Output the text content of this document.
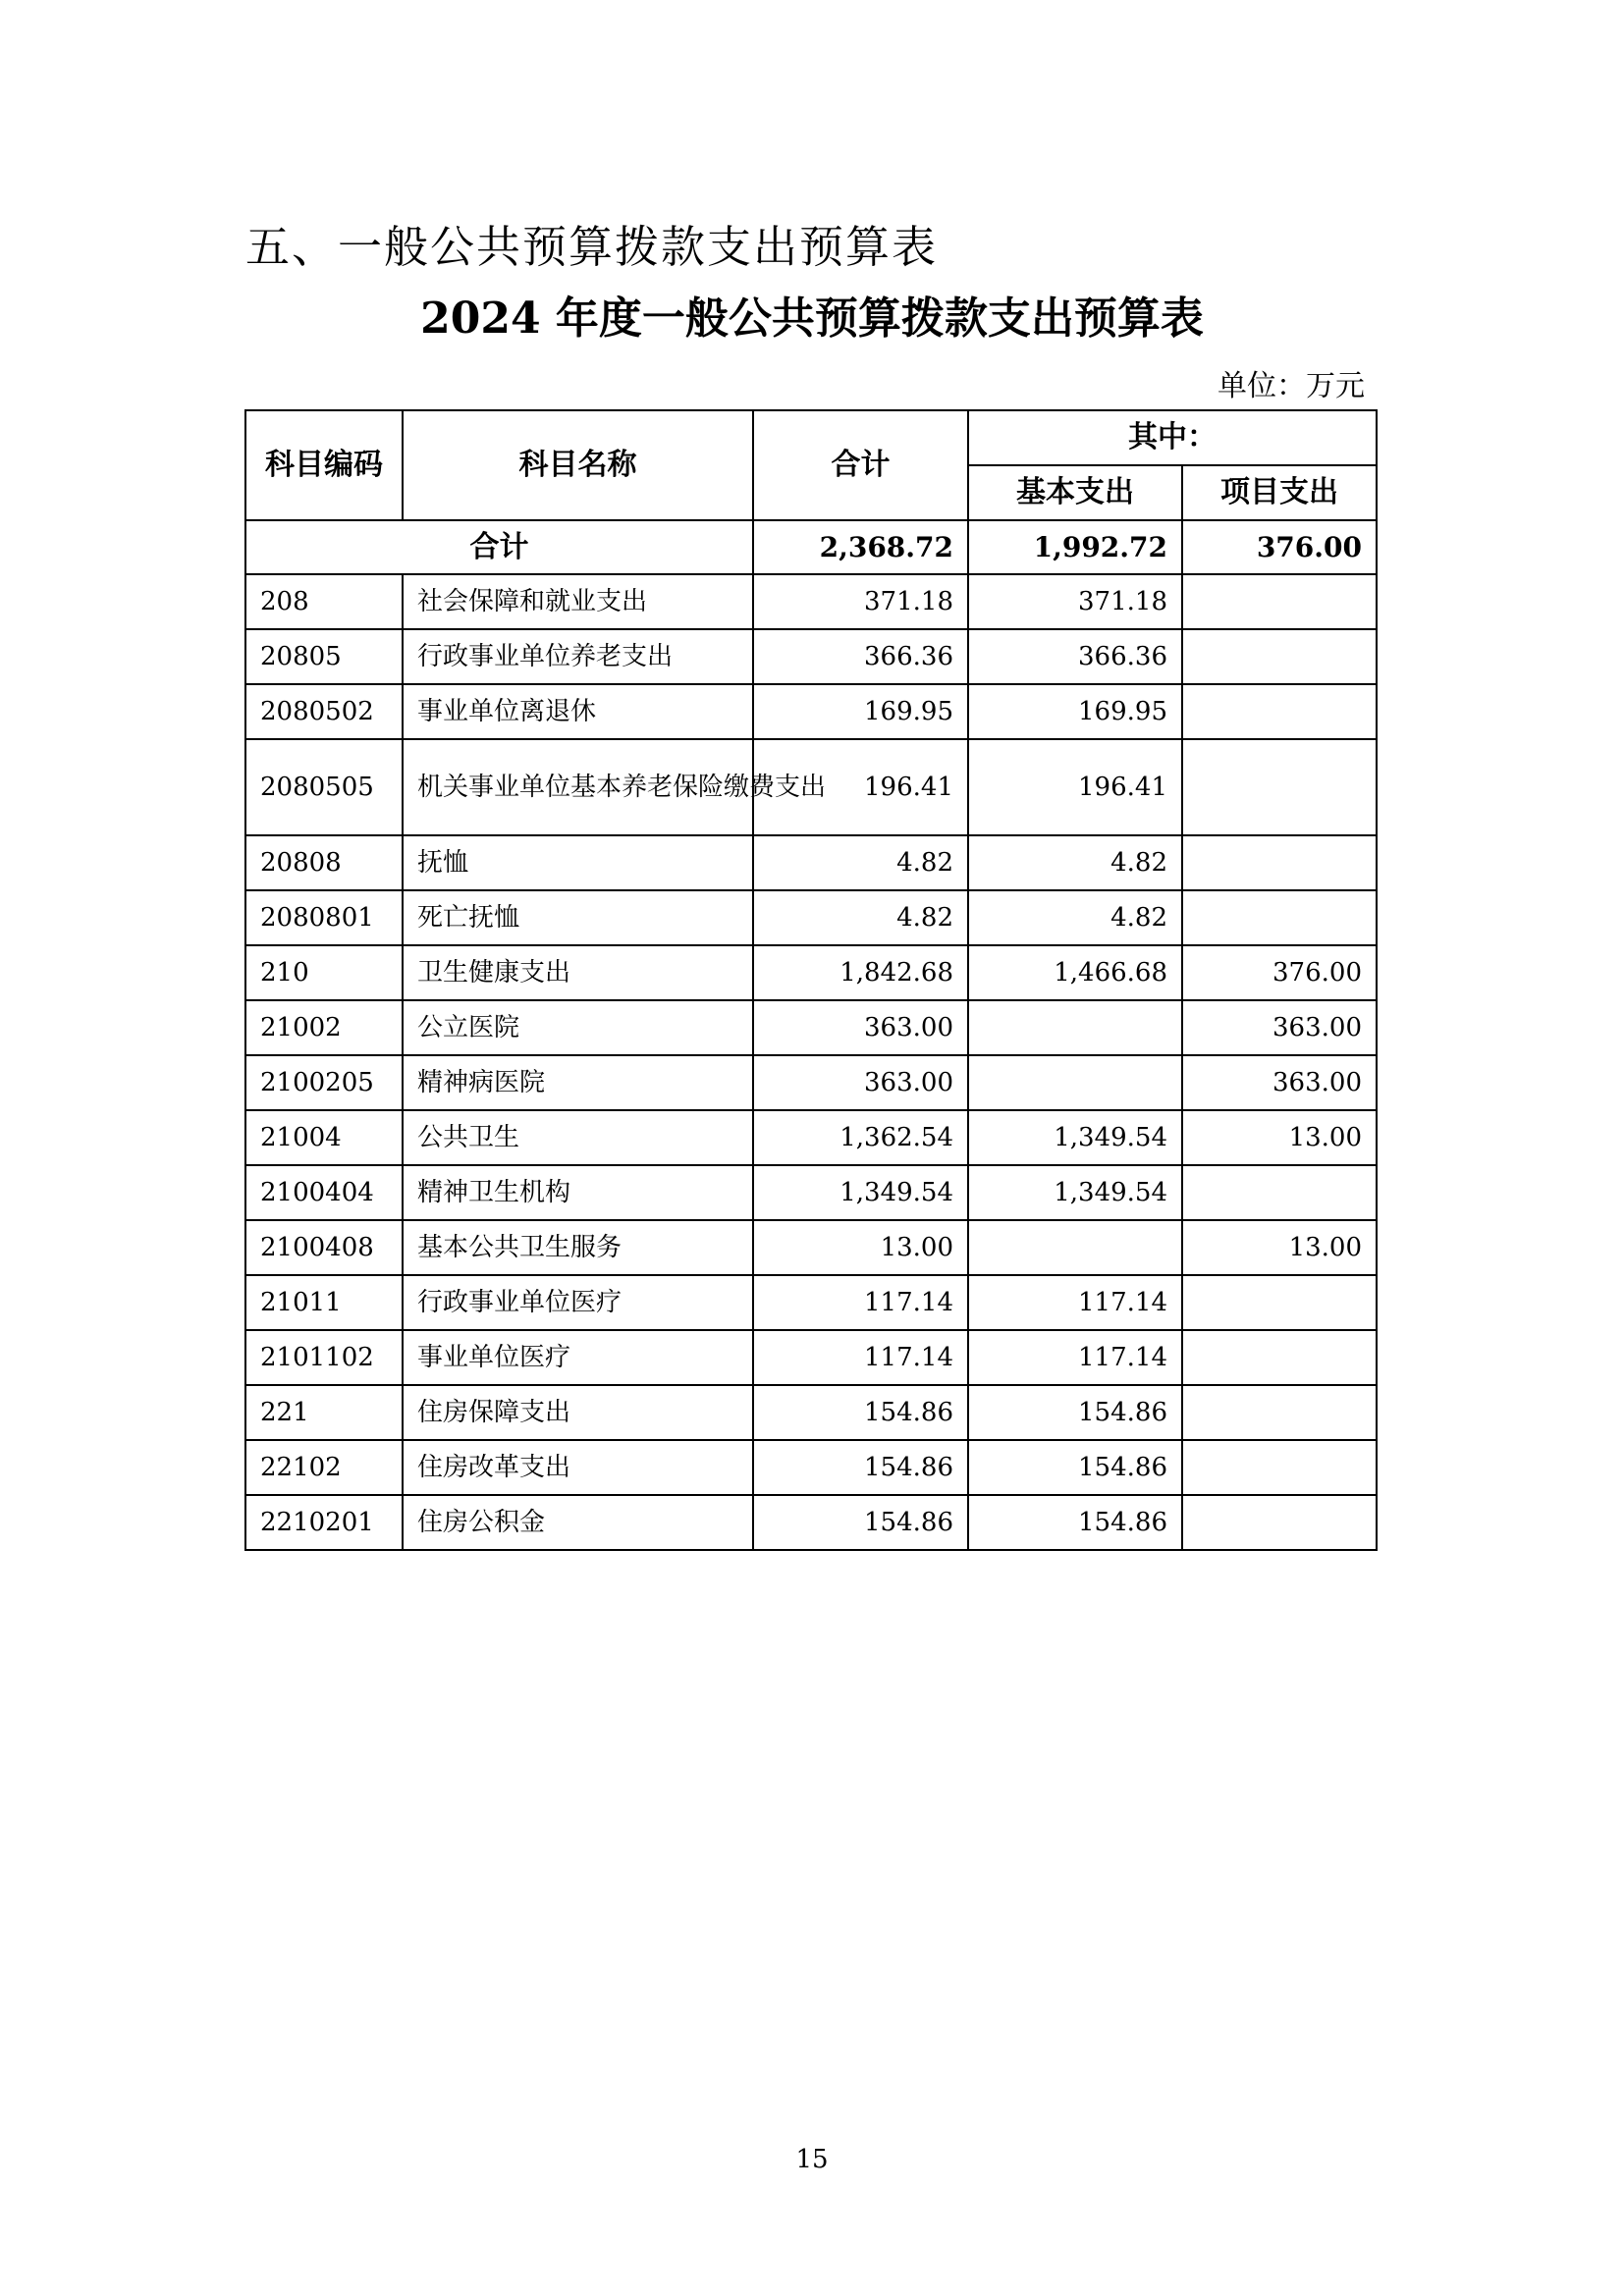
五、一般公共预算拨款支出预算表
2024 年度一般公共预算拨款支出预算表
单位：万元
科目编码	科目名称	合计	其中：	
			基本支出	项目支出
合计		2,368.72	1,992.72	376.00
208	社会保障和就业支出	371.18	371.18	
20805	行政事业单位养老支出	366.36	366.36	
2080502	事业单位离退休	169.95	169.95	
2080505	机关事业单位基本养老保险缴费支出	196.41	196.41	
20808	抚恤	4.82	4.82	
2080801	死亡抚恤	4.82	4.82	
210	卫生健康支出	1,842.68	1,466.68	376.00
21002	公立医院	363.00		363.00
2100205	精神病医院	363.00		363.00
21004	公共卫生	1,362.54	1,349.54	13.00
2100404	精神卫生机构	1,349.54	1,349.54	
2100408	基本公共卫生服务	13.00		13.00
21011	行政事业单位医疗	117.14	117.14	
2101102	事业单位医疗	117.14	117.14	
221	住房保障支出	154.86	154.86	
22102	住房改革支出	154.86	154.86	
2210201	住房公积金	154.86	154.86	
15
